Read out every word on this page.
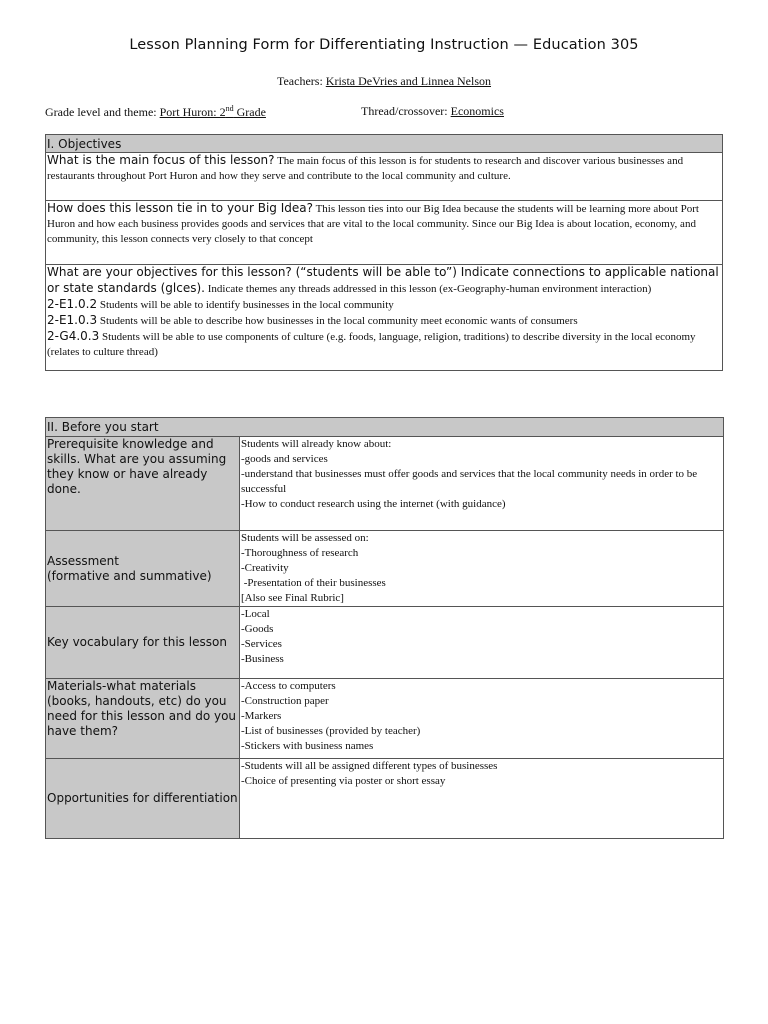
Lesson Planning Form for Differentiating Instruction — Education 305
Teachers: Krista DeVries and Linnea Nelson
Grade level and theme: Port Huron: 2nd Grade	Thread/crossover: Economics
I. Objectives
What is the main focus of this lesson? The main focus of this lesson is for students to research and discover various businesses and restaurants throughout Port Huron and how they serve and contribute to the local community and culture.
How does this lesson tie in to your Big Idea? This lesson ties into our Big Idea because the students will be learning more about Port Huron and how each business provides goods and services that are vital to the local community. Since our Big Idea is about location, economy, and community, this lesson connects very closely to that concept
What are your objectives for this lesson? (“students will be able to”) Indicate connections to applicable national or state standards (glces). Indicate themes any threads addressed in this lesson (ex-Geography-human environment interaction)
2-E1.0.2 Students will be able to identify businesses in the local community
2-E1.0.3 Students will be able to describe how businesses in the local community meet economic wants of consumers
2-G4.0.3 Students will be able to use components of culture (e.g. foods, language, religion, traditions) to describe diversity in the local economy (relates to culture thread)
II. Before you start	
Prerequisite knowledge and skills. What are you assuming they know or have already done.	Students will already know about:
-goods and services
-understand that businesses must offer goods and services that the local community needs in order to be successful
-How to conduct research using the internet (with guidance)

Assessment
(formative and summative)	Students will be assessed on:
-Thoroughness of research
-Creativity
-Presentation of their businesses
[Also see Final Rubric]

Key vocabulary for this lesson	-Local
-Goods
-Services
-Business

Materials-what materials (books, handouts, etc) do you need for this lesson and do you have them?	-Access to computers
-Construction paper
-Markers
-List of businesses (provided by teacher)
-Stickers with business names

Opportunities for differentiation	-Students will all be assigned different types of businesses
-Choice of presenting via poster or short essay
